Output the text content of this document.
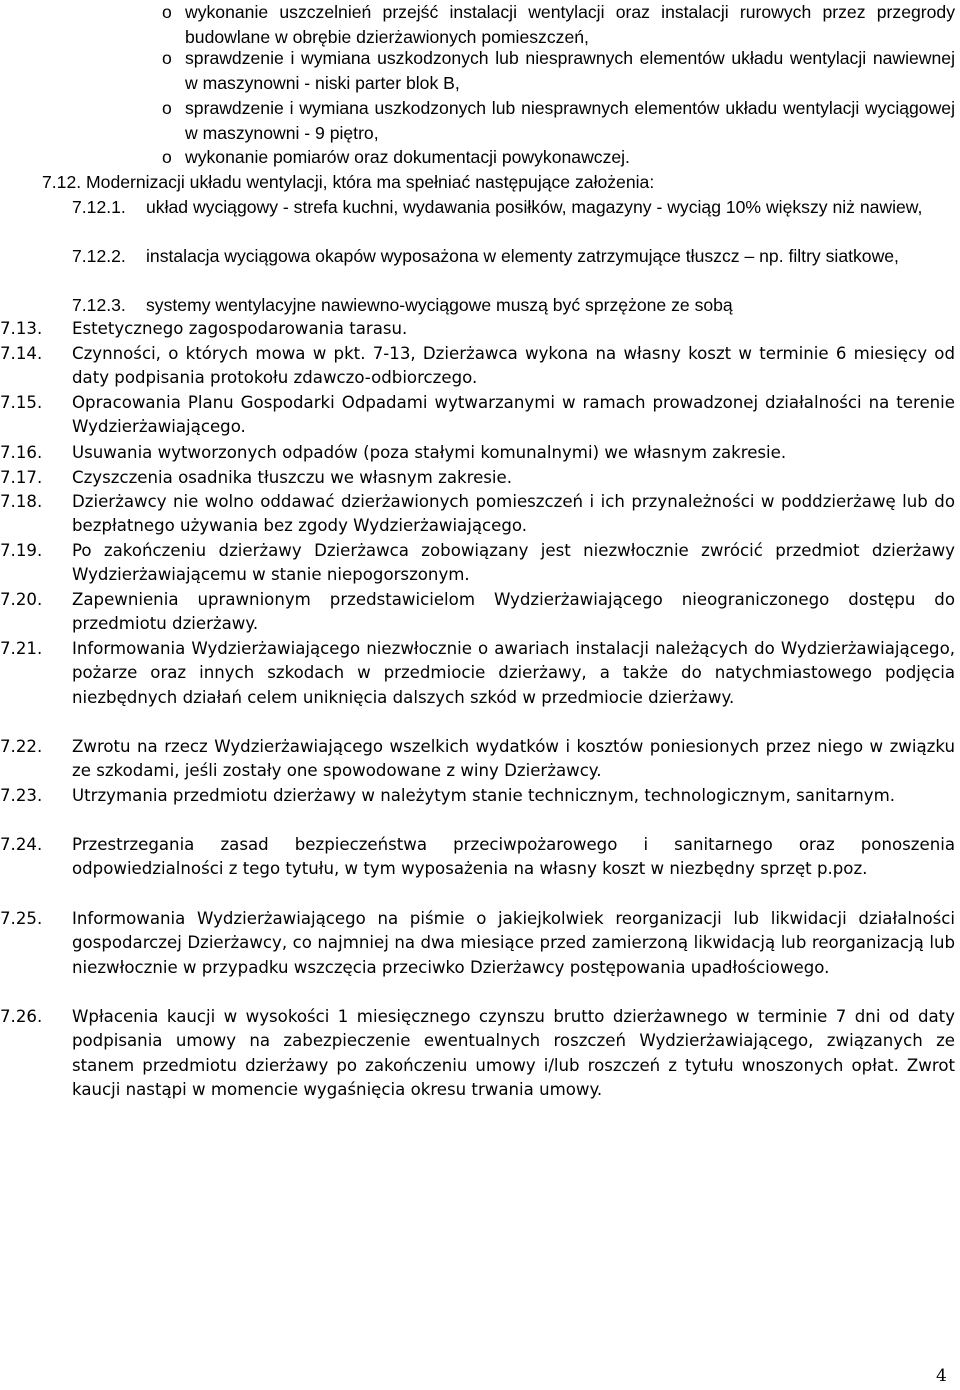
o wykonanie uszczelnień przejść instalacji wentylacji oraz instalacji rurowych przez przegrody budowlane w obrębie dzierżawionych pomieszczeń,
o sprawdzenie i wymiana uszkodzonych lub niesprawnych elementów układu wentylacji nawiewnej w maszynowni - niski parter blok B,
o sprawdzenie i wymiana uszkodzonych lub niesprawnych elementów układu wentylacji wyciągowej w maszynowni - 9 piętro,
o wykonanie pomiarów oraz dokumentacji powykonawczej.
7.12. Modernizacji układu wentylacji, która ma spełniać następujące założenia:
7.12.1. układ wyciągowy - strefa kuchni, wydawania posiłków, magazyny - wyciąg 10% większy niż nawiew,
7.12.2. instalacja wyciągowa okapów wyposażona w elementy zatrzymujące tłuszcz – np. filtry siatkowe,
7.12.3. systemy wentylacyjne nawiewno-wyciągowe muszą być sprzężone ze sobą
7.13. Estetycznego zagospodarowania tarasu.
7.14. Czynności, o których mowa w pkt. 7-13, Dzierżawca wykona na własny koszt w terminie 6 miesięcy od daty podpisania protokołu zdawczo-odbiorczego.
7.15. Opracowania Planu Gospodarki Odpadami wytwarzanymi w ramach prowadzonej działalności na terenie Wydzierżawiającego.
7.16. Usuwania wytworzonych odpadów (poza stałymi komunalnymi) we własnym zakresie.
7.17. Czyszczenia osadnika tłuszczu we własnym zakresie.
7.18. Dzierżawcy nie wolno oddawać dzierżawionych pomieszczeń i ich przynależności w poddzierżawę lub do bezpłatnego używania bez zgody Wydzierżawiającego.
7.19. Po zakończeniu dzierżawy Dzierżawca zobowiązany jest niezwłocznie zwrócić przedmiot dzierżawy Wydzierżawiającemu w stanie niepogorszonym.
7.20. Zapewnienia uprawnionym przedstawicielom Wydzierżawiającego nieograniczonego dostępu do przedmiotu dzierżawy.
7.21. Informowania Wydzierżawiającego niezwłocznie o awariach instalacji należących do Wydzierżawiającego, pożarze oraz innych szkodach w przedmiocie dzierżawy, a także do natychmiastowego podjęcia niezbędnych działań celem uniknięcia dalszych szkód w przedmiocie dzierżawy.
7.22. Zwrotu na rzecz Wydzierżawiającego wszelkich wydatków i kosztów poniesionych przez niego w związku ze szkodami, jeśli zostały one spowodowane z winy Dzierżawcy.
7.23. Utrzymania przedmiotu dzierżawy w należytym stanie technicznym, technologicznym, sanitarnym.
7.24. Przestrzegania zasad bezpieczeństwa przeciwpożarowego i sanitarnego oraz ponoszenia odpowiedzialności z tego tytułu, w tym wyposażenia na własny koszt w niezbędny sprzęt p.poz.
7.25. Informowania Wydzierżawiającego na piśmie o jakiejkolwiek reorganizacji lub likwidacji działalności gospodarczej Dzierżawcy, co najmniej na dwa miesiące przed zamierzoną likwidacją lub reorganizacją lub niezwłocznie w przypadku wszczęcia przeciwko Dzierżawcy postępowania upadłościowego.
7.26. Wpłacenia kaucji w wysokości 1 miesięcznego czynszu brutto dzierżawnego w terminie 7 dni od daty podpisania umowy na zabezpieczenie ewentualnych roszczeń Wydzierżawiającego, związanych ze stanem przedmiotu dzierżawy po zakończeniu umowy i/lub roszczeń z tytułu wnoszonych opłat. Zwrot kaucji nastąpi w momencie wygaśnięcia okresu trwania umowy.
4
